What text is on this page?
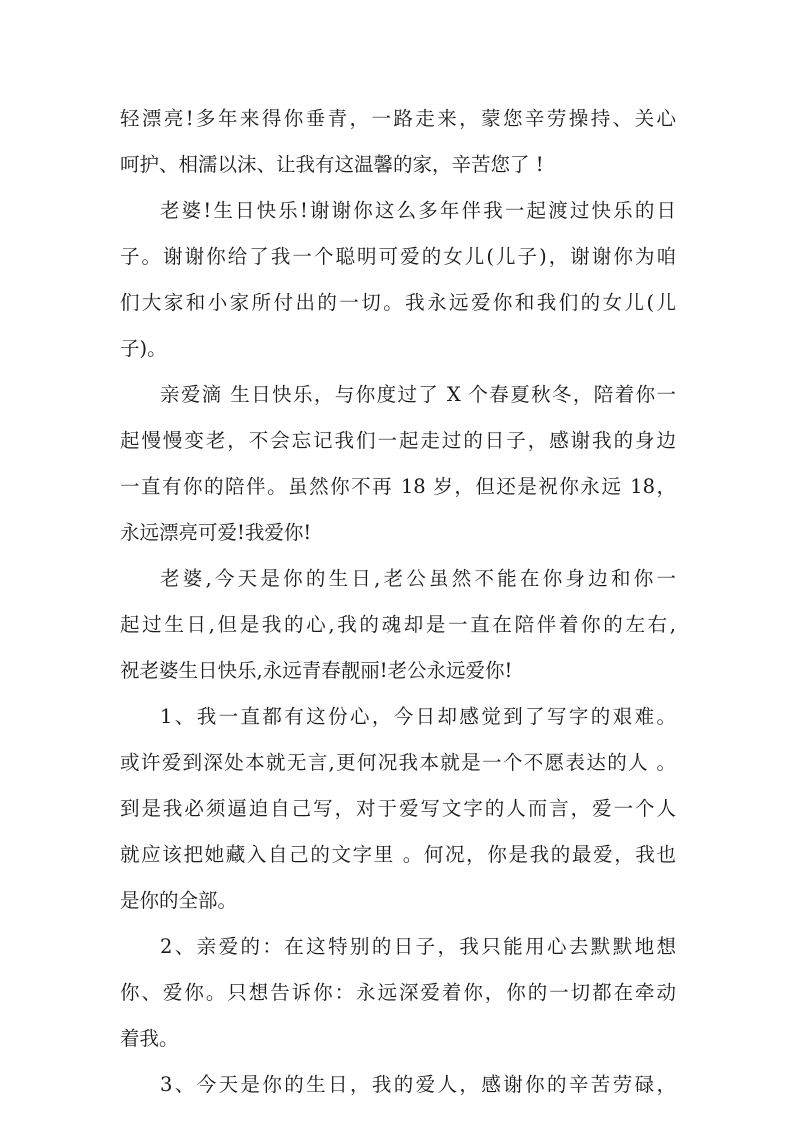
轻漂亮!多年来得你垂青，一路走来，蒙您辛劳操持、关心
呵护、相濡以沫、让我有这温馨的家，辛苦您了 !
老婆!生日快乐!谢谢你这么多年伴我一起渡过快乐的日
子。谢谢你给了我一个聪明可爱的女儿(儿子)，谢谢你为咱
们大家和小家所付出的一切。我永远爱你和我们的女儿(儿
子)。
亲爱滴 生日快乐，与你度过了 X 个春夏秋冬，陪着你一
起慢慢变老，不会忘记我们一起走过的日子，感谢我的身边
一直有你的陪伴。虽然你不再 18 岁，但还是祝你永远 18，
永远漂亮可爱!我爱你!
老婆,今天是你的生日,老公虽然不能在你身边和你一
起过生日,但是我的心,我的魂却是一直在陪伴着你的左右,
祝老婆生日快乐,永远青春靓丽!老公永远爱你!
1、我一直都有这份心，今日却感觉到了写字的艰难。
或许爱到深处本就无言,更何况我本就是一个不愿表达的人 。
到是我必须逼迫自己写，对于爱写文字的人而言，爱一个人
就应该把她藏入自己的文字里 。何况，你是我的最爱，我也
是你的全部。
2、亲爱的：在这特别的日子，我只能用心去默默地想
你、爱你。只想告诉你：永远深爱着你，你的一切都在牵动
着我。
3、今天是你的生日，我的爱人，感谢你的辛苦劳碌，
